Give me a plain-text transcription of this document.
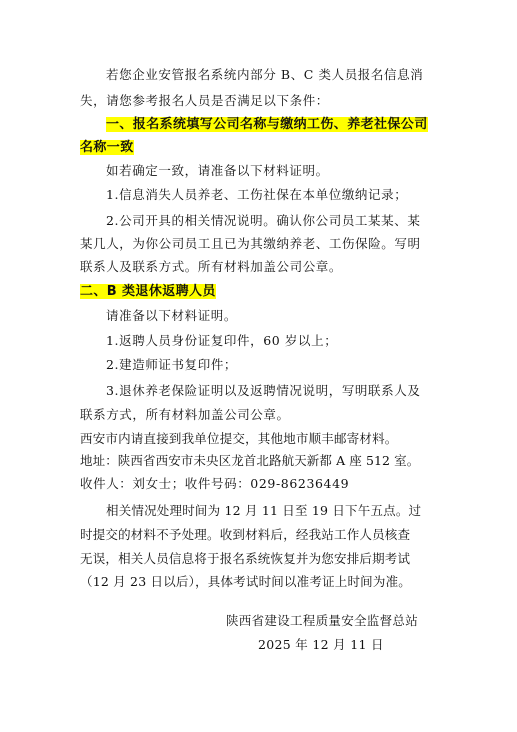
若您企业安管报名系统内部分 B、C 类人员报名信息消
失，请您参考报名人员是否满足以下条件：
一、报名系统填写公司名称与缴纳工伤、养老社保公司
名称一致
如若确定一致，请准备以下材料证明。
1.信息消失人员养老、工伤社保在本单位缴纳记录；
2.公司开具的相关情况说明。确认你公司员工某某、某
某几人，为你公司员工且已为其缴纳养老、工伤保险。写明
联系人及联系方式。所有材料加盖公司公章。
二、B 类退休返聘人员
请准备以下材料证明。
1.返聘人员身份证复印件，60 岁以上；
2.建造师证书复印件；
3.退休养老保险证明以及返聘情况说明，写明联系人及
联系方式，所有材料加盖公司公章。
西安市内请直接到我单位提交，其他地市顺丰邮寄材料。
地址：陕西省西安市未央区龙首北路航天新都 A 座 512 室。
收件人：刘女士；收件号码：029-86236449
相关情况处理时间为 12 月 11 日至 19 日下午五点。过
时提交的材料不予处理。收到材料后，经我站工作人员核查
无误，相关人员信息将于报名系统恢复并为您安排后期考试
（12 月 23 日以后），具体考试时间以准考证上时间为准。
陕西省建设工程质量安全监督总站
2025 年 12 月 11 日
